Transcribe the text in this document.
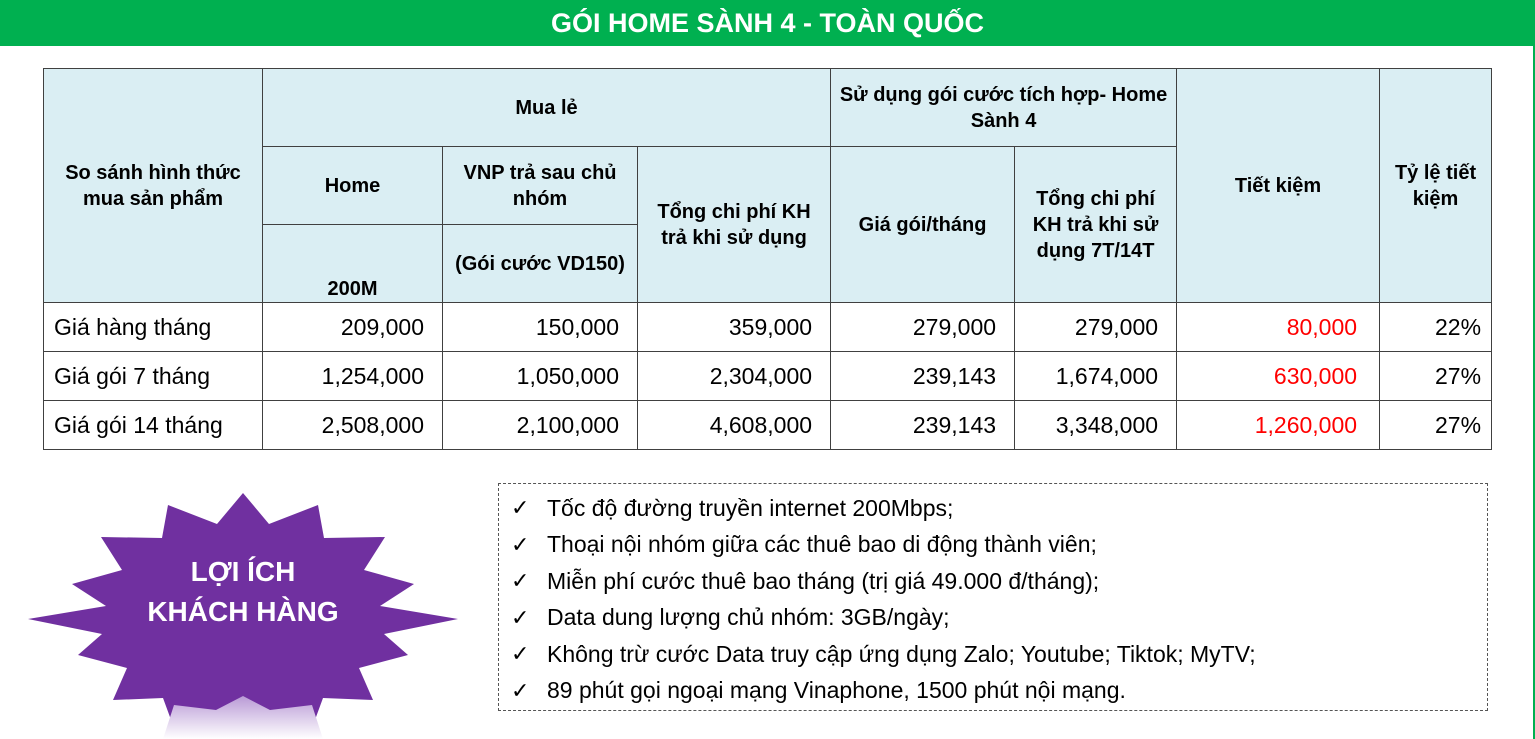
GÓI HOME SÀNH 4 - TOÀN QUỐC
So sánh hình thức mua sản phẩm	Mua lẻ			Sử dụng gói cước tích hợp- Home Sành 4		Tiết kiệm	Tỷ lệ tiết kiệm
	Home	VNP trả sau chủ nhóm	Tổng chi phí KH trả khi sử dụng	Giá gói/tháng	Tổng chi phí KH trả khi sử dụng 7T/14T		
	200M	(Gói cước VD150)					
Giá hàng tháng	209,000	150,000	359,000	279,000	279,000	80,000	22%
Giá gói 7 tháng	1,254,000	1,050,000	2,304,000	239,143	1,674,000	630,000	27%
Giá gói 14 tháng	2,508,000	2,100,000	4,608,000	239,143	3,348,000	1,260,000	27%
LỢI ÍCH
KHÁCH HÀNG
✓ Tốc độ đường truyền internet 200Mbps;
✓ Thoại nội nhóm giữa các thuê bao di động thành viên;
✓ Miễn phí cước thuê bao tháng (trị giá 49.000 đ/tháng);
✓ Data dung lượng chủ nhóm: 3GB/ngày;
✓ Không trừ cước Data truy cập ứng dụng Zalo; Youtube; Tiktok; MyTV;
✓ 89 phút gọi ngoại mạng Vinaphone, 1500 phút nội mạng.
